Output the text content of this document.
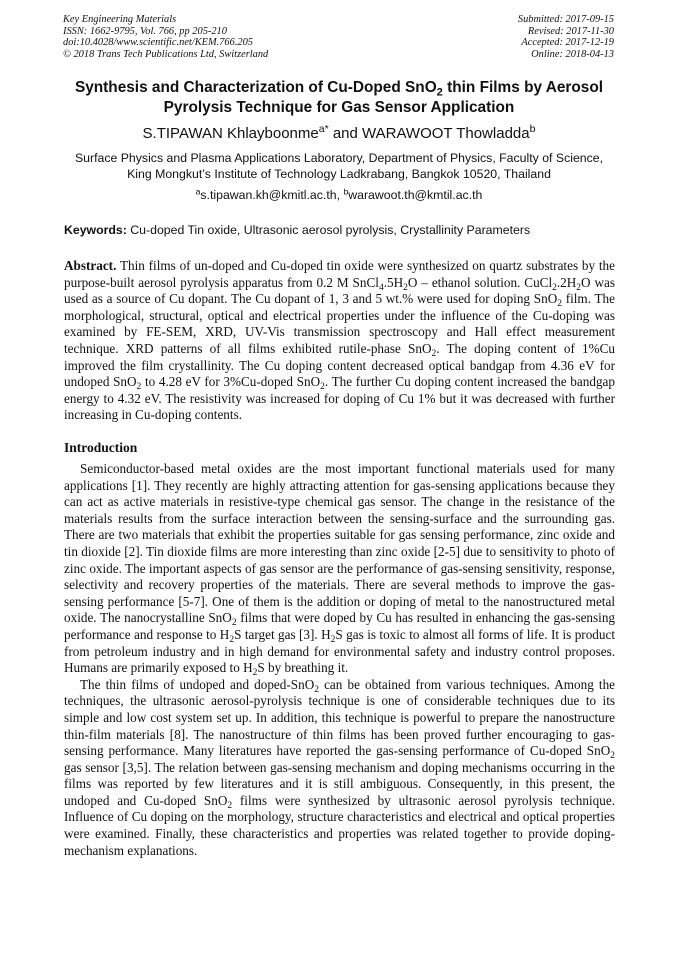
Key Engineering Materials
ISSN: 1662-9795, Vol. 766, pp 205-210
doi:10.4028/www.scientific.net/KEM.766.205
© 2018 Trans Tech Publications Ltd, Switzerland
Submitted: 2017-09-15
Revised: 2017-11-30
Accepted: 2017-12-19
Online: 2018-04-13
Synthesis and Characterization of Cu-Doped SnO$_2$ thin Films by Aerosol Pyrolysis Technique for Gas Sensor Application
S.TIPAWAN Khlayboonme$^{a*}$ and WARAWOOT Thowladda$^b$
Surface Physics and Plasma Applications Laboratory, Department of Physics, Faculty of Science,
King Mongkut’s Institute of Technology Ladkrabang, Bangkok 10520, Thailand
$^a$s.tipawan.kh@kmitl.ac.th, $^b$warawoot.th@kmtil.ac.th
Keywords: Cu-doped Tin oxide, Ultrasonic aerosol pyrolysis, Crystallinity Parameters
Abstract. Thin films of un-doped and Cu-doped tin oxide were synthesized on quartz substrates by the purpose-built aerosol pyrolysis apparatus from 0.2 M $SnCl_4.5H_2O$ – ethanol solution. $CuCl_2.2H_2O$ was used as a source of Cu dopant. The Cu dopant of 1, 3 and 5 wt.% were used for doping SnO$_2$ film. The morphological, structural, optical and electrical properties under the influence of the Cu-doping was examined by FE-SEM, XRD, UV-Vis transmission spectroscopy and Hall effect measurement technique. XRD patterns of all films exhibited rutile-phase SnO$_2$. The doping content of 1%Cu improved the film crystallinity. The Cu doping content decreased optical bandgap from 4.36 eV for undoped SnO$_2$ to 4.28 eV for 3%Cu-doped SnO$_2$. The further Cu doping content increased the bandgap energy to 4.32 eV. The resistivity was increased for doping of Cu 1% but it was decreased with further increasing in Cu-doping contents.
Introduction

Semiconductor-based metal oxides are the most important functional materials used for many applications [1]. They recently are highly attracting attention for gas-sensing applications because they can act as active materials in resistive-type chemical gas sensor. The change in the resistance of the materials results from the surface interaction between the sensing-surface and the surrounding gas. There are two materials that exhibit the properties suitable for gas sensing performance, zinc oxide and tin dioxide [2]. Tin dioxide films are more interesting than zinc oxide [2-5] due to sensitivity to photo of zinc oxide. The important aspects of gas sensor are the performance of gas-sensing sensitivity, response, selectivity and recovery properties of the materials. There are several methods to improve the gas-sensing performance [5-7]. One of them is the addition or doping of metal to the nanostructured metal oxide. The nanocrystalline SnO$_2$ films that were doped by Cu has resulted in enhancing the gas-sensing performance and response to $H_2S$ target gas [3]. $H_2S$ gas is toxic to almost all forms of life. It is product from petroleum industry and in high demand for environmental safety and industry control proposes. Humans are primarily exposed to $H_2S$ by breathing it.

The thin films of undoped and doped-SnO$_2$ can be obtained from various techniques. Among the techniques, the ultrasonic aerosol-pyrolysis technique is one of considerable techniques due to its simple and low cost system set up. In addition, this technique is powerful to prepare the nanostructure thin-film materials [8]. The nanostructure of thin films has been proved further encouraging to gas-sensing performance. Many literatures have reported the gas-sensing performance of Cu-doped SnO$_2$ gas sensor [3,5]. The relation between gas-sensing mechanism and doping mechanisms occurring in the films was reported by few literatures and it is still ambiguous. Consequently, in this present, the undoped and Cu-doped SnO$_2$ films were synthesized by ultrasonic aerosol pyrolysis technique. Influence of Cu doping on the morphology, structure characteristics and electrical and optical properties were examined. Finally, these characteristics and properties was related together to provide doping-mechanism explanations.
